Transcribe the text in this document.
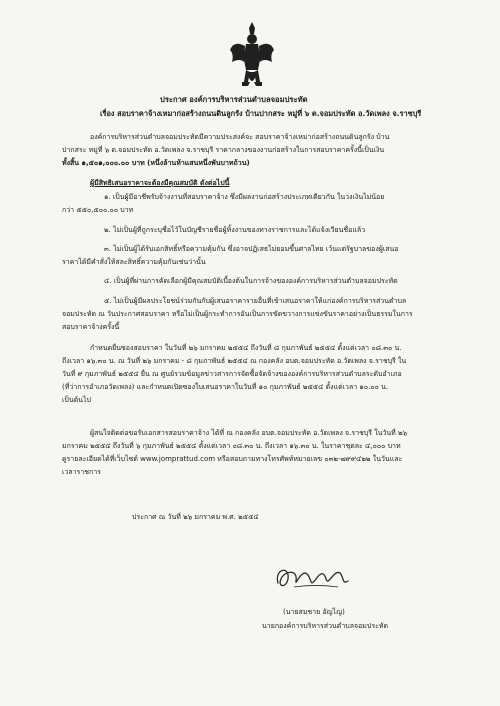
ประกาศ องค์การบริหารส่วนตำบลจอมประทัด
เรื่อง สอบราคาจ้างเหมาก่อสร้างถนนดินลูกรัง บ้านปากสระ หมู่ที่ ๖ ต.จอมประทัด อ.วัดเพลง จ.ราชบุรี
องค์การบริหารส่วนตำบลจอมประทัดมีความประสงค์จะ สอบราคาจ้างเหมาก่อสร้างถนนดินลูกรัง บ้าน
ปากสระ หมู่ที่ ๖ ต.จอมประทัด อ.วัดเพลง จ.ราชบุรี ราคากลางของงานก่อสร้างในการสอบราคาครั้งนี้เป็นเงิน
ทั้งสิ้น ๑,๕๐๑,๐๐๐.๐๐ บาท (หนึ่งล้านห้าแสนหนึ่งพันบาทถ้วน)
ผู้มีสิทธิเสนอราคาจะต้องมีคุณสมบัติ ดังต่อไปนี้
๑. เป็นผู้มีอาชีพรับจ้างงานที่สอบราคาจ้าง ซึ่งมีผลงานก่อสร้างประเภทเดียวกัน ในวงเงินไม่น้อย
กว่า ๕๕๐,๕๐๐.๐๐ บาท
๒. ไม่เป็นผู้ที่ถูกระบุชื่อไว้ในบัญชีรายชื่อผู้ทิ้งงานของทางราชการและได้แจ้งเวียนชื่อแล้ว
๓. ไม่เป็นผู้ได้รับเอกสิทธิ์หรือความคุ้มกัน ซึ่งอาจปฏิเสธไม่ยอมขึ้นศาลไทย เว้นแต่รัฐบาลของผู้เสนอ
ราคาได้มีคำสั่งให้สละสิทธิ์ความคุ้มกันเช่นว่านั้น
๔. เป็นผู้ที่ผ่านการคัดเลือกผู้มีคุณสมบัติเบื้องต้นในการจ้างขององค์การบริหารส่วนตำบลจอมประทัด
๕. ไม่เป็นผู้มีผลประโยชน์ร่วมกันกับผู้เสนอราคารายอื่นที่เข้าเสนอราคาให้แก่องค์การบริหารส่วนตำบล
จอมประทัด ณ วันประกาศสอบราคา หรือไม่เป็นผู้กระทำการอันเป็นการขัดขวางการแข่งขันราคาอย่างเป็นธรรมในการ
สอบราคาจ้างครั้งนี้
กำหนดยื่นซองสอบราคา ในวันที่ ๒๖ มกราคม ๒๕๕๔ ถึงวันที่ ๘ กุมภาพันธ์ ๒๕๕๔ ตั้งแต่เวลา ๐๘.๓๐ น.
ถึงเวลา ๑๖.๓๐ น. ณ วันที่ ๒๖ มกราคม - ๘ กุมภาพันธ์ ๒๕๕๔ ณ กองคลัง อบต.จอมประทัด อ.วัดเพลง จ.ราชบุรี ใน
วันที่ ๙ กุมภาพันธ์ ๒๕๕๔ ยื่น ณ ศูนย์รวมข้อมูลข่าวสารการจัดซื้อจัดจ้างขององค์การบริหารส่วนตำบลระดับอำเภอ
(ที่ว่าการอำเภอวัดเพลง) และกำหนดเปิดซองใบเสนอราคาในวันที่ ๑๐ กุมภาพันธ์ ๒๕๕๔ ตั้งแต่เวลา ๑๐.๐๐ น.
เป็นต้นไป
ผู้สนใจติดต่อขอรับเอกสารสอบราคาจ้าง ได้ที่ ณ กองคลัง อบต.จอมประทัด อ.วัดเพลง จ.ราชบุรี ในวันที่ ๒๖
มกราคม ๒๕๕๔ ถึงวันที่ ๖ กุมภาพันธ์ ๒๕๕๔ ตั้งแต่เวลา ๐๘.๓๐ น. ถึงเวลา ๑๖.๓๐ น. ในราคาชุดละ ๔,๐๐๐ บาท
ดูรายละเอียดได้ที่เว็บไซต์ www.jomprattud.com หรือสอบถามทางโทรศัพท์หมายเลข ๐๓๒-๗๙๙๔๒๒ ในวันและ
เวลาราชการ
ประกาศ ณ วันที่ ๒๖ มกราคม พ.ศ. ๒๕๕๔
(นายสมชาย อัญไญ)
นายกองค์การบริหารส่วนตำบลจอมประทัด
